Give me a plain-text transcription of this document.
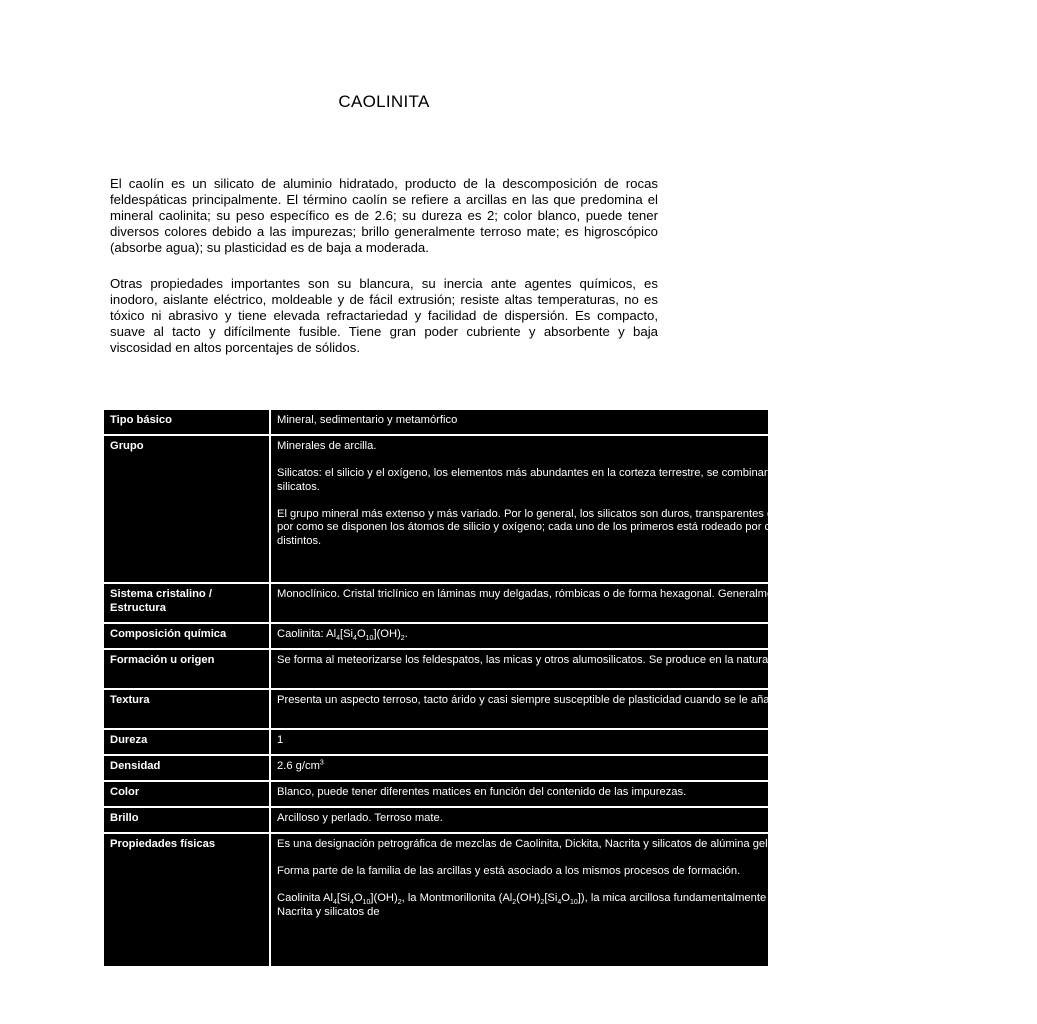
CAOLINITA

El caolín es un silicato de aluminio hidratado, producto de la descomposición de rocas feldespáticas principalmente. El término caolín se refiere a arcillas en las que predomina el mineral caolinita; su peso específico es de 2.6; su dureza es 2; color blanco, puede tener diversos colores debido a las impurezas; brillo generalmente terroso mate; es higroscópico (absorbe agua); su plasticidad es de baja a moderada.

Otras propiedades importantes son su blancura, su inercia ante agentes químicos, es inodoro, aislante eléctrico, moldeable y de fácil extrusión; resiste altas temperaturas, no es tóxico ni abrasivo y tiene elevada refractariedad y facilidad de dispersión. Es compacto, suave al tacto y difícilmente fusible. Tiene gran poder cubriente y absorbente y baja viscosidad en altos porcentajes de sólidos.

Tipo básico	Mineral, sedimentario y metamórfico

Grupo	Minerales de arcilla.

Silicatos: el silicio y el oxígeno, los elementos más abundantes en la corteza terrestre, se combinan con diversos elementos metálicos para producir silicatos.

El grupo mineral más extenso y más variado. Por lo general, los silicatos son duros, transparentes o translúcidos y densidad media. Se suelen agrupar por como se disponen los átomos de silicio y oxígeno; cada uno de los primeros está rodeado por cuatro de los segundos. Existen más de 900 silicatos distintos.

Sistema cristalino / Estructura	Monoclínico. Cristal triclínico en láminas muy delgadas, rómbicas o de forma hexagonal. Generalmente en masas arcillosas.

Composición química	Caolinita: $Al_4[Si_4O_{10}](OH)_2$.

Formación u origen	Se forma al meteorizarse los feldespatos, las micas y otros alumosilicatos. Se produce en la naturaleza, $O_3$.

Textura	Presenta un aspecto terroso, tacto árido y casi siempre susceptible de plasticidad cuando se le añade agua

Dureza	1

Densidad	2.6 $g/cm^3$

Color	Blanco, puede tener diferentes matices en función del contenido de las impurezas.

Brillo	Arcilloso y perlado. Terroso mate.

Propiedades físicas	Es una designación petrográfica de mezclas de Caolinita, Dickita, Nacrita y silicatos de alúmina gelatinosos puros e hidratados.

Forma parte de la familia de las arcillas y está asociado a los mismos procesos de formación.

Caolinita $Al_4[Si_4O_{10}](OH)_2$, la Montmorillonita $(Al_2(OH)_2[Si_4O_{10}])$, la mica arcillosa fundamentalmente Illita (K $(OH)_2Al_2(Si_3Al$ $O_{10}$), y la Clorita, Dickita, Nacrita y silicatos de
